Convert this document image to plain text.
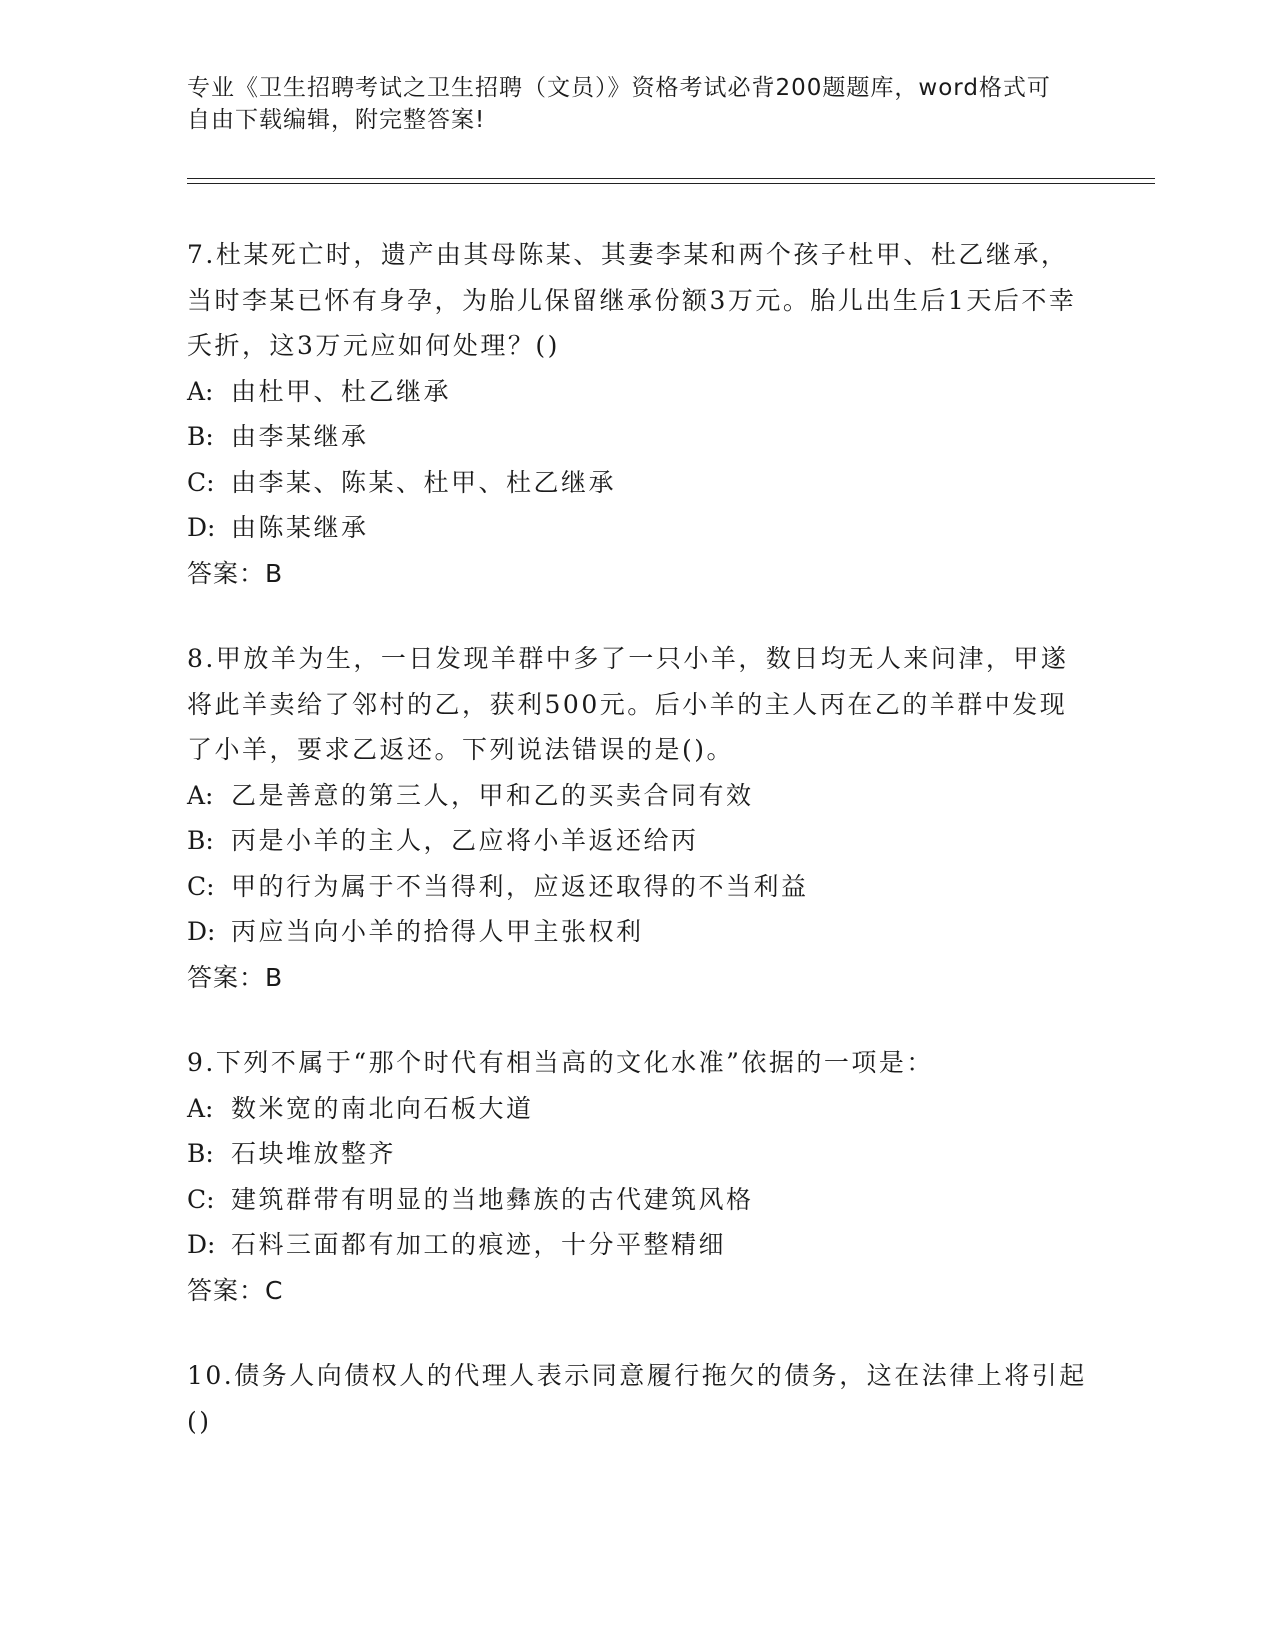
专业《卫生招聘考试之卫生招聘（文员）》资格考试必背200题题库，word格式可自由下载编辑，附完整答案!
7.杜某死亡时，遗产由其母陈某、其妻李某和两个孩子杜甲、杜乙继承，当时李某已怀有身孕，为胎儿保留继承份额3万元。胎儿出生后1天后不幸夭折，这3万元应如何处理？()
A: 由杜甲、杜乙继承
B: 由李某继承
C: 由李某、陈某、杜甲、杜乙继承
D: 由陈某继承
答案：B
8.甲放羊为生，一日发现羊群中多了一只小羊，数日均无人来问津，甲遂将此羊卖给了邻村的乙，获利500元。后小羊的主人丙在乙的羊群中发现了小羊，要求乙返还。下列说法错误的是()。
A: 乙是善意的第三人，甲和乙的买卖合同有效
B: 丙是小羊的主人，乙应将小羊返还给丙
C: 甲的行为属于不当得利，应返还取得的不当利益
D: 丙应当向小羊的拾得人甲主张权利
答案：B
9.下列不属于“那个时代有相当高的文化水准”依据的一项是：
A: 数米宽的南北向石板大道
B: 石块堆放整齐
C: 建筑群带有明显的当地彝族的古代建筑风格
D: 石料三面都有加工的痕迹，十分平整精细
答案：C
10.债务人向债权人的代理人表示同意履行拖欠的债务，这在法律上将引起()
